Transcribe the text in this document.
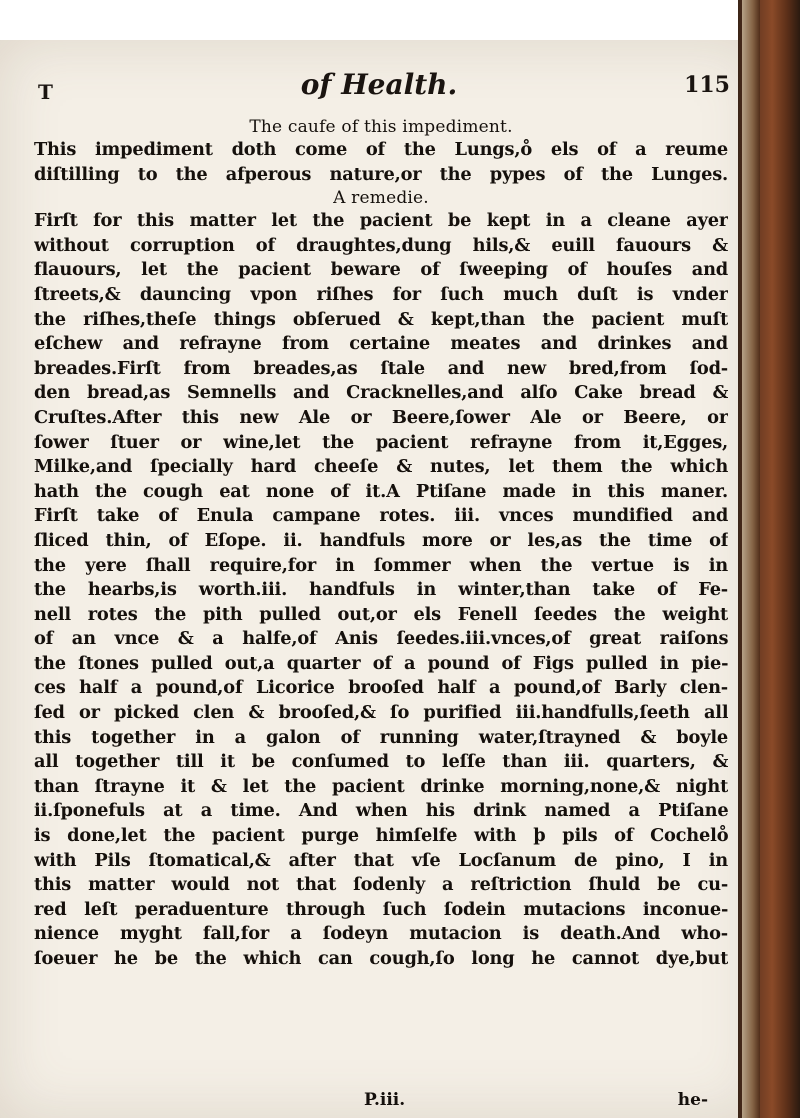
T	of Health.	115

The caufe of this impediment.

This impediment doth come of the Lungs,o̊ els of a reume
diſtilling to the afperous nature,or the pypes of the Lunges.

A remedie.

Firſt for this matter let the pacient be kept in a cleane ayer
without corruption of draughtes,dung hils,& euill fauours &
flauours, let the pacient beware of ſweeping of houſes and
ſtreets,& dauncing vpon riſhes for ſuch much duſt is vnder
the riſhes,theſe things obſerued & kept,than the pacient muſt
eſchew and refrayne from certaine meates and drinkes and
breades.Firſt from breades,as ſtale and new bred,from ſod-
den bread,as Semnells and Cracknelles,and alſo Cake bread &
Cruſtes.After this new Ale or Beere,ſower Ale or Beere, or
ſower ſtuer or wine,let the pacient refrayne from it,Egges,
Milke,and ſpecially hard cheeſe & nutes, let them the which
hath the cough eat none of it.A Ptiſane made in this maner.
Firſt take of Enula campane rotes. iii. vnces mundified and
ſliced thin, of Eſope. ii. handfuls more or les,as the time of
the yere ſhall require,for in ſommer when the vertue is in
the hearbs,is worth.iii. handfuls in winter,than take of Fe-
nell rotes the pith pulled out,or els Fenell ſeedes the weight
of an vnce & a halfe,of Anis ſeedes.iii.vnces,of great raiſons
the ſtones pulled out,a quarter of a pound of Figs pulled in pie-
ces half a pound,of Licorice brooſed half a pound,of Barly clen-
ſed or picked clen & brooſed,& ſo purified iii.handfulls,ſeeth all
this together in a galon of running water,ſtrayned & boyle
all together till it be conſumed to leſſe than iii. quarters, &
than ſtrayne it & let the pacient drinke morning,none,& night
ii.ſponefuls at a time. And when his drink named a Ptiſane
is done,let the pacient purge himſelfe with þ pils of Cochelo̊
with Pils ſtomatical,& after that vſe Locſanum de pino, I in
this matter would not that ſodenly a reſtriction ſhuld be cu-
red leſt peraduenture through ſuch ſodein mutacions inconue-
nience myght fall,for a ſodeyn mutacion is death.And who-
ſoeuer he be the which can cough,ſo long he cannot dye,but
P.iii.	he-
